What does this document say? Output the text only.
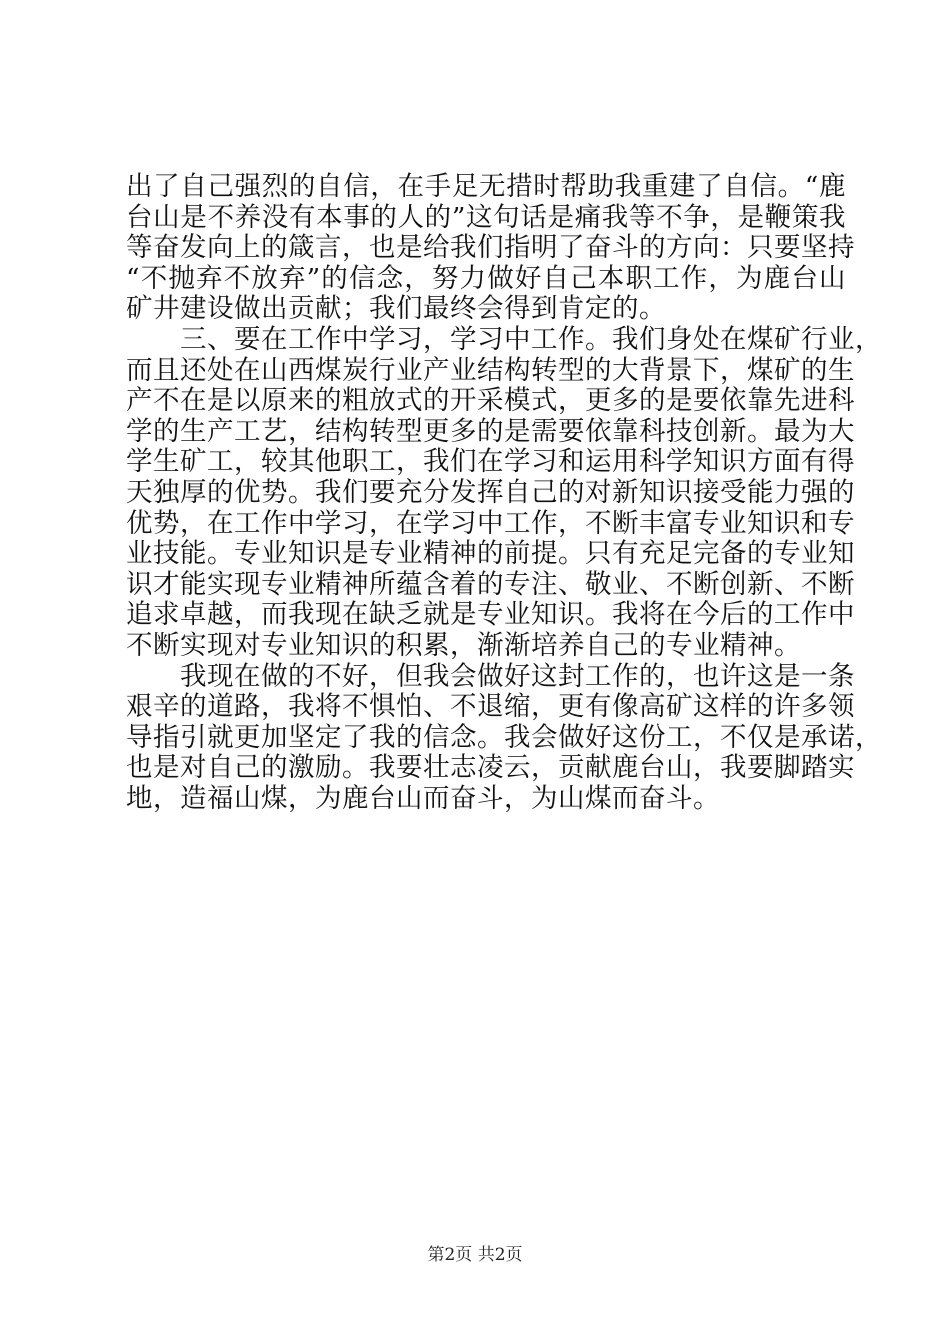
出了自己强烈的自信，在手足无措时帮助我重建了自信。“鹿
台山是不养没有本事的人的”这句话是痛我等不争，是鞭策我
等奋发向上的箴言，也是给我们指明了奋斗的方向：只要坚持
“不抛弃不放弃”的信念，努力做好自己本职工作，为鹿台山
矿井建设做出贡献；我们最终会得到肯定的。
　　三、要在工作中学习，学习中工作。我们身处在煤矿行业，
而且还处在山西煤炭行业产业结构转型的大背景下，煤矿的生
产不在是以原来的粗放式的开采模式，更多的是要依靠先进科
学的生产工艺，结构转型更多的是需要依靠科技创新。最为大
学生矿工，较其他职工，我们在学习和运用科学知识方面有得
天独厚的优势。我们要充分发挥自己的对新知识接受能力强的
优势，在工作中学习，在学习中工作，不断丰富专业知识和专
业技能。专业知识是专业精神的前提。只有充足完备的专业知
识才能实现专业精神所蕴含着的专注、敬业、不断创新、不断
追求卓越，而我现在缺乏就是专业知识。我将在今后的工作中
不断实现对专业知识的积累，渐渐培养自己的专业精神。
　　我现在做的不好，但我会做好这封工作的，也许这是一条
艰辛的道路，我将不惧怕、不退缩，更有像高矿这样的许多领
导指引就更加坚定了我的信念。我会做好这份工，不仅是承诺，
也是对自己的激励。我要壮志凌云，贡献鹿台山，我要脚踏实
地，造福山煤，为鹿台山而奋斗，为山煤而奋斗。
第2页 共2页
